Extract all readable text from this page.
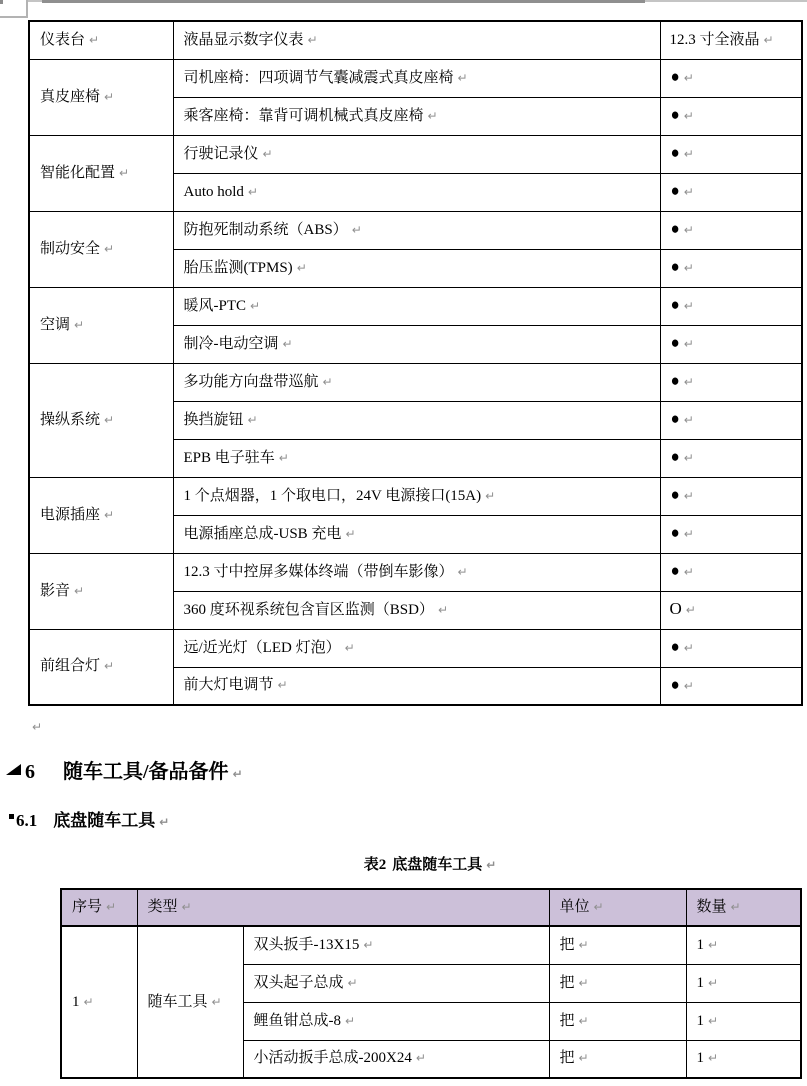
仪表台 ↵	液晶显示数字仪表 ↵	12.3 寸全液晶 ↵
真皮座椅 ↵	司机座椅：四项调节气囊减震式真皮座椅 ↵	● ↵
	乘客座椅：靠背可调机械式真皮座椅 ↵	● ↵
智能化配置 ↵	行驶记录仪 ↵	● ↵
	Auto hold ↵	● ↵
制动安全 ↵	防抱死制动系统（ABS） ↵	● ↵
	胎压监测(TPMS) ↵	● ↵
空调 ↵	暖风-PTC ↵	● ↵
	制冷-电动空调 ↵	● ↵
操纵系统 ↵	多功能方向盘带巡航 ↵	● ↵
	换挡旋钮 ↵	● ↵
	EPB 电子驻车 ↵	● ↵
电源插座 ↵	1 个点烟器，1 个取电口，24V 电源接口(15A) ↵	● ↵
	电源插座总成-USB 充电 ↵	● ↵
影音 ↵	12.3 寸中控屏多媒体终端（带倒车影像） ↵	● ↵
	360 度环视系统包含盲区监测（BSD） ↵	O ↵
前组合灯 ↵	远/近光灯（LED 灯泡） ↵	● ↵
	前大灯电调节 ↵	● ↵
↵
6 随车工具/备品备件 ↵
6.1 底盘随车工具 ↵
表2 底盘随车工具 ↵
序号 ↵	类型 ↵		单位 ↵	数量 ↵
1 ↵	随车工具 ↵	双头扳手-13X15 ↵	把 ↵	1 ↵
		双头起子总成 ↵	把 ↵	1 ↵
		鲤鱼钳总成-8 ↵	把 ↵	1 ↵
		小活动扳手总成-200X24 ↵	把 ↵	1 ↵
